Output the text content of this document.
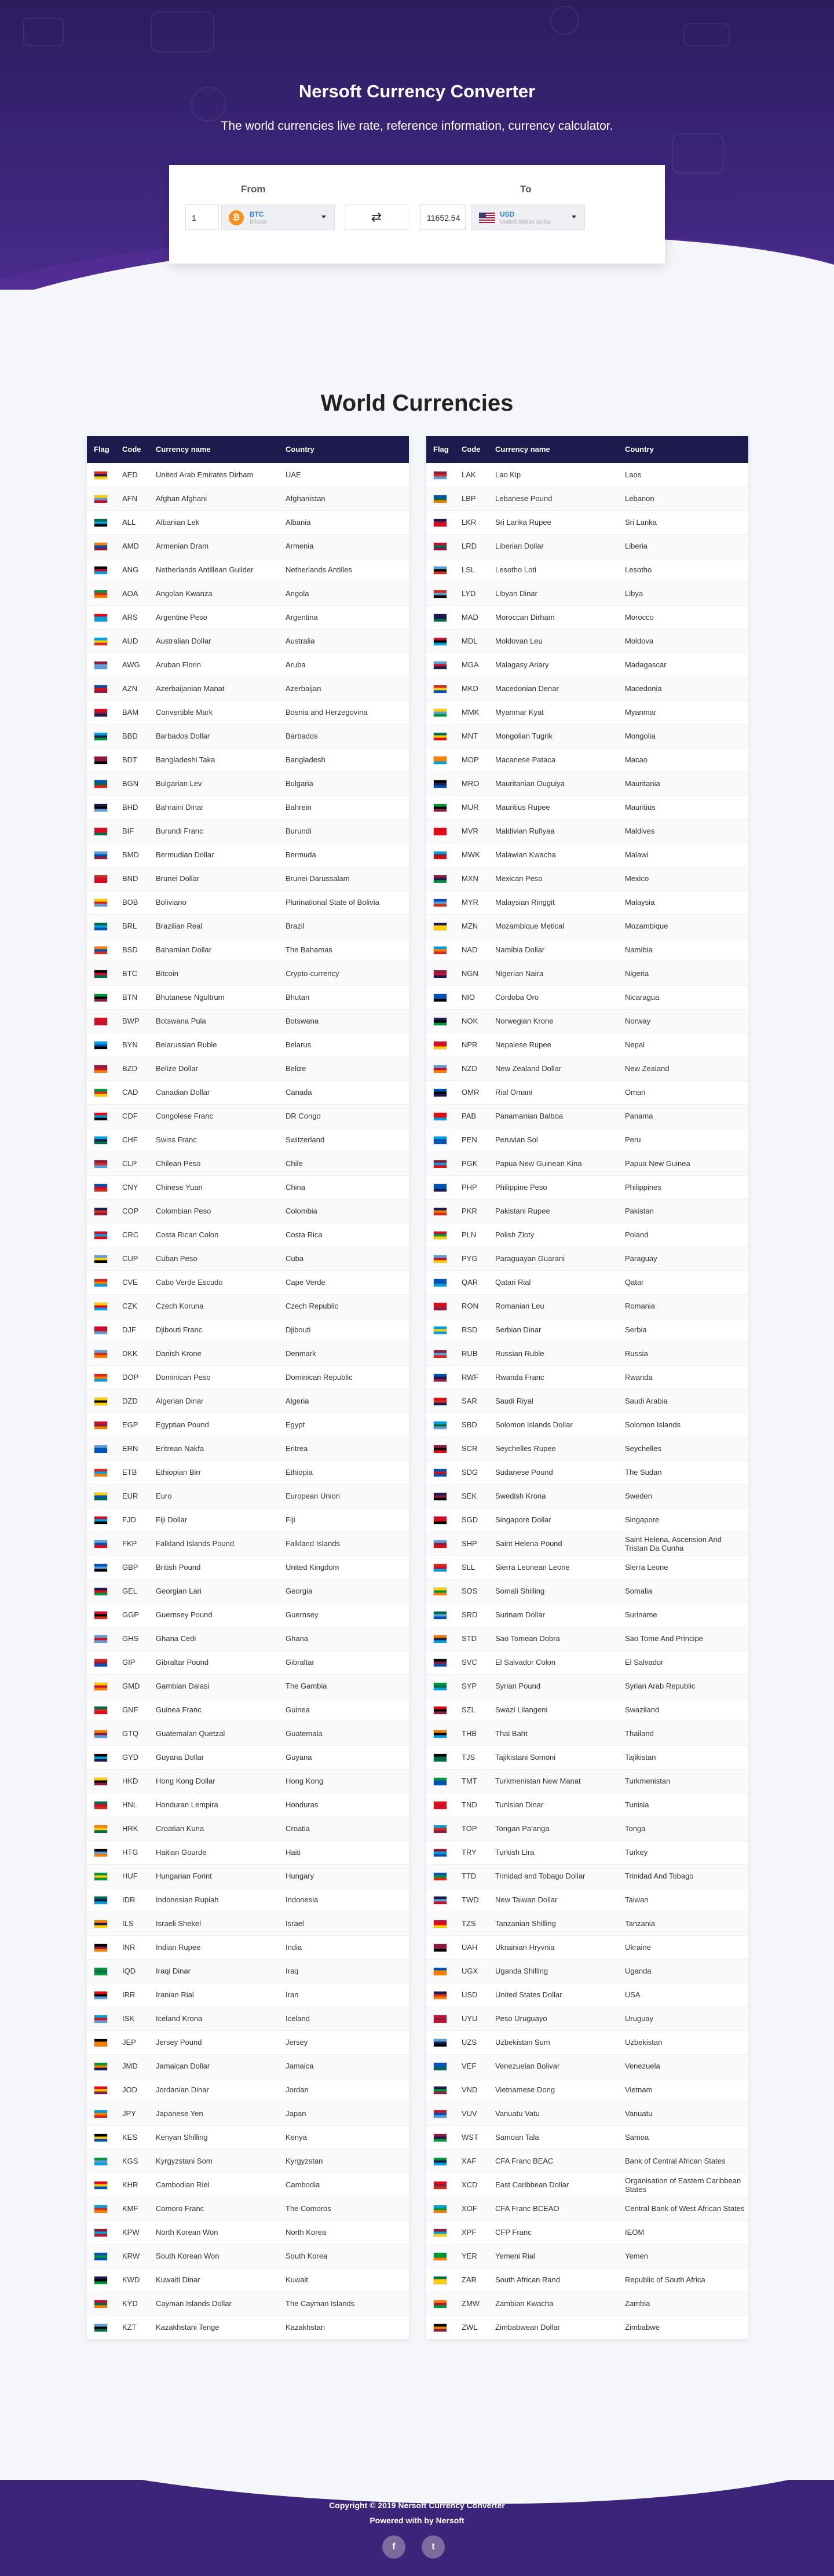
Nersoft Currency Converter
The world currencies live rate, reference information, currency calculator.
From	To
1	₿	BTC
Bitcoin	⇄	11652.54	USD
United States Dollar
World Currencies
Flag	Code	Currency name	Country
	AED	United Arab Emirates Dirham	UAE
	AFN	Afghan Afghani	Afghanistan
	ALL	Albanian Lek	Albania
	AMD	Armenian Dram	Armenia
	ANG	Netherlands Antillean Guilder	Netherlands Antilles
	AOA	Angolan Kwanza	Angola
	ARS	Argentine Peso	Argentina
	AUD	Australian Dollar	Australia
	AWG	Aruban Florin	Aruba
	AZN	Azerbaijanian Manat	Azerbaijan
	BAM	Convertible Mark	Bosnia and Herzegovina
	BBD	Barbados Dollar	Barbados
	BDT	Bangladeshi Taka	Bangladesh
	BGN	Bulgarian Lev	Bulgaria
	BHD	Bahraini Dinar	Bahrein
	BIF	Burundi Franc	Burundi
	BMD	Bermudian Dollar	Bermuda
	BND	Brunei Dollar	Brunei Darussalam
	BOB	Boliviano	Plurinational State of Bolivia
	BRL	Brazilian Real	Brazil
	BSD	Bahamian Dollar	The Bahamas
	BTC	Bitcoin	Crypto-currency
	BTN	Bhutanese Ngultrum	Bhutan
	BWP	Botswana Pula	Botswana
	BYN	Belarussian Ruble	Belarus
	BZD	Belize Dollar	Belize
	CAD	Canadian Dollar	Canada
	CDF	Congolese Franc	DR Congo
	CHF	Swiss Franc	Switzerland
	CLP	Chilean Peso	Chile
	CNY	Chinese Yuan	China
	COP	Colombian Peso	Colombia
	CRC	Costa Rican Colon	Costa Rica
	CUP	Cuban Peso	Cuba
	CVE	Cabo Verde Escudo	Cape Verde
	CZK	Czech Koruna	Czech Republic
	DJF	Djibouti Franc	Djibouti
	DKK	Danish Krone	Denmark
	DOP	Dominican Peso	Dominican Republic
	DZD	Algerian Dinar	Algeria
	EGP	Egyptian Pound	Egypt
	ERN	Eritrean Nakfa	Eritrea
	ETB	Ethiopian Birr	Ethiopia
	EUR	Euro	European Union
	FJD	Fiji Dollar	Fiji
	FKP	Falkland Islands Pound	Falkland Islands
	GBP	British Pound	United Kingdom
	GEL	Georgian Lari	Georgia
	GGP	Guernsey Pound	Guernsey
	GHS	Ghana Cedi	Ghana
	GIP	Gibraltar Pound	Gibraltar
	GMD	Gambian Dalasi	The Gambia
	GNF	Guinea Franc	Guinea
	GTQ	Guatemalan Quetzal	Guatemala
	GYD	Guyana Dollar	Guyana
	HKD	Hong Kong Dollar	Hong Kong
	HNL	Honduran Lempira	Honduras
	HRK	Croatian Kuna	Croatia
	HTG	Haitian Gourde	Haiti
	HUF	Hungarian Forint	Hungary
	IDR	Indonesian Rupiah	Indonesia
	ILS	Israeli Shekel	Israel
	INR	Indian Rupee	India
	IQD	Iraqi Dinar	Iraq
	IRR	Iranian Rial	Iran
	ISK	Iceland Krona	Iceland
	JEP	Jersey Pound	Jersey
	JMD	Jamaican Dollar	Jamaica
	JOD	Jordanian Dinar	Jordan
	JPY	Japanese Yen	Japan
	KES	Kenyan Shilling	Kenya
	KGS	Kyrgyzstani Som	Kyrgyzstan
	KHR	Cambodian Riel	Cambodia
	KMF	Comoro Franc	The Comoros
	KPW	North Korean Won	North Korea
	KRW	South Korean Won	South Korea
	KWD	Kuwaiti Dinar	Kuwait
	KYD	Cayman Islands Dollar	The Cayman Islands
	KZT	Kazakhstani Tenge	Kazakhstan
Flag	Code	Currency name	Country
	LAK	Lao Kip	Laos
	LBP	Lebanese Pound	Lebanon
	LKR	Sri Lanka Rupee	Sri Lanka
	LRD	Liberian Dollar	Liberia
	LSL	Lesotho Loti	Lesotho
	LYD	Libyan Dinar	Libya
	MAD	Moroccan Dirham	Morocco
	MDL	Moldovan Leu	Moldova
	MGA	Malagasy Ariary	Madagascar
	MKD	Macedonian Denar	Macedonia
	MMK	Myanmar Kyat	Myanmar
	MNT	Mongolian Tugrik	Mongolia
	MOP	Macanese Pataca	Macao
	MRO	Mauritanian Ouguiya	Mauritania
	MUR	Mauritius Rupee	Mauritius
	MVR	Maldivian Rufiyaa	Maldives
	MWK	Malawian Kwacha	Malawi
	MXN	Mexican Peso	Mexico
	MYR	Malaysian Ringgit	Malaysia
	MZN	Mozambique Metical	Mozambique
	NAD	Namibia Dollar	Namibia
	NGN	Nigerian Naira	Nigeria
	NIO	Cordoba Oro	Nicaragua
	NOK	Norwegian Krone	Norway
	NPR	Nepalese Rupee	Nepal
	NZD	New Zealand Dollar	New Zealand
	OMR	Rial Omani	Oman
	PAB	Panamanian Balboa	Panama
	PEN	Peruvian Sol	Peru
	PGK	Papua New Guinean Kina	Papua New Guinea
	PHP	Philippine Peso	Philippines
	PKR	Pakistani Rupee	Pakistan
	PLN	Polish Zloty	Poland
	PYG	Paraguayan Guarani	Paraguay
	QAR	Qatari Rial	Qatar
	RON	Romanian Leu	Romania
	RSD	Serbian Dinar	Serbia
	RUB	Russian Ruble	Russia
	RWF	Rwanda Franc	Rwanda
	SAR	Saudi Riyal	Saudi Arabia
	SBD	Solomon Islands Dollar	Solomon Islands
	SCR	Seychelles Rupee	Seychelles
	SDG	Sudanese Pound	The Sudan
	SEK	Swedish Krona	Sweden
	SGD	Singapore Dollar	Singapore
	SHP	Saint Helena Pound	Saint Helena, Ascension And Tristan Da Cunha
	SLL	Sierra Leonean Leone	Sierra Leone
	SOS	Somali Shilling	Somalia
	SRD	Surinam Dollar	Suriname
	STD	Sao Tomean Dobra	Sao Tome And Principe
	SVC	El Salvador Colon	El Salvador
	SYP	Syrian Pound	Syrian Arab Republic
	SZL	Swazi Lilangeni	Swaziland
	THB	Thai Baht	Thailand
	TJS	Tajikistani Somoni	Tajikistan
	TMT	Turkmenistan New Manat	Turkmenistan
	TND	Tunisian Dinar	Tunisia
	TOP	Tongan Pa'anga	Tonga
	TRY	Turkish Lira	Turkey
	TTD	Trinidad and Tobago Dollar	Trinidad And Tobago
	TWD	New Taiwan Dollar	Taiwan
	TZS	Tanzanian Shilling	Tanzania
	UAH	Ukrainian Hryvnia	Ukraine
	UGX	Uganda Shilling	Uganda
	USD	United States Dollar	USA
	UYU	Peso Uruguayo	Uruguay
	UZS	Uzbekistan Sum	Uzbekistan
	VEF	Venezuelan Bolivar	Venezuela
	VND	Vietnamese Dong	Vietnam
	VUV	Vanuatu Vatu	Vanuatu
	WST	Samoan Tala	Samoa
	XAF	CFA Franc BEAC	Bank of Central African States
	XCD	East Caribbean Dollar	Organisation of Eastern Caribbean States
	XOF	CFA Franc BCEAO	Central Bank of West African States
	XPF	CFP Franc	IEOM
	YER	Yemeni Rial	Yemen
	ZAR	South African Rand	Republic of South Africa
	ZMW	Zambian Kwacha	Zambia
	ZWL	Zimbabwean Dollar	Zimbabwe
Copyright © 2019 Nersoft Currency Converter
Powered with by Nersoft
f	t
